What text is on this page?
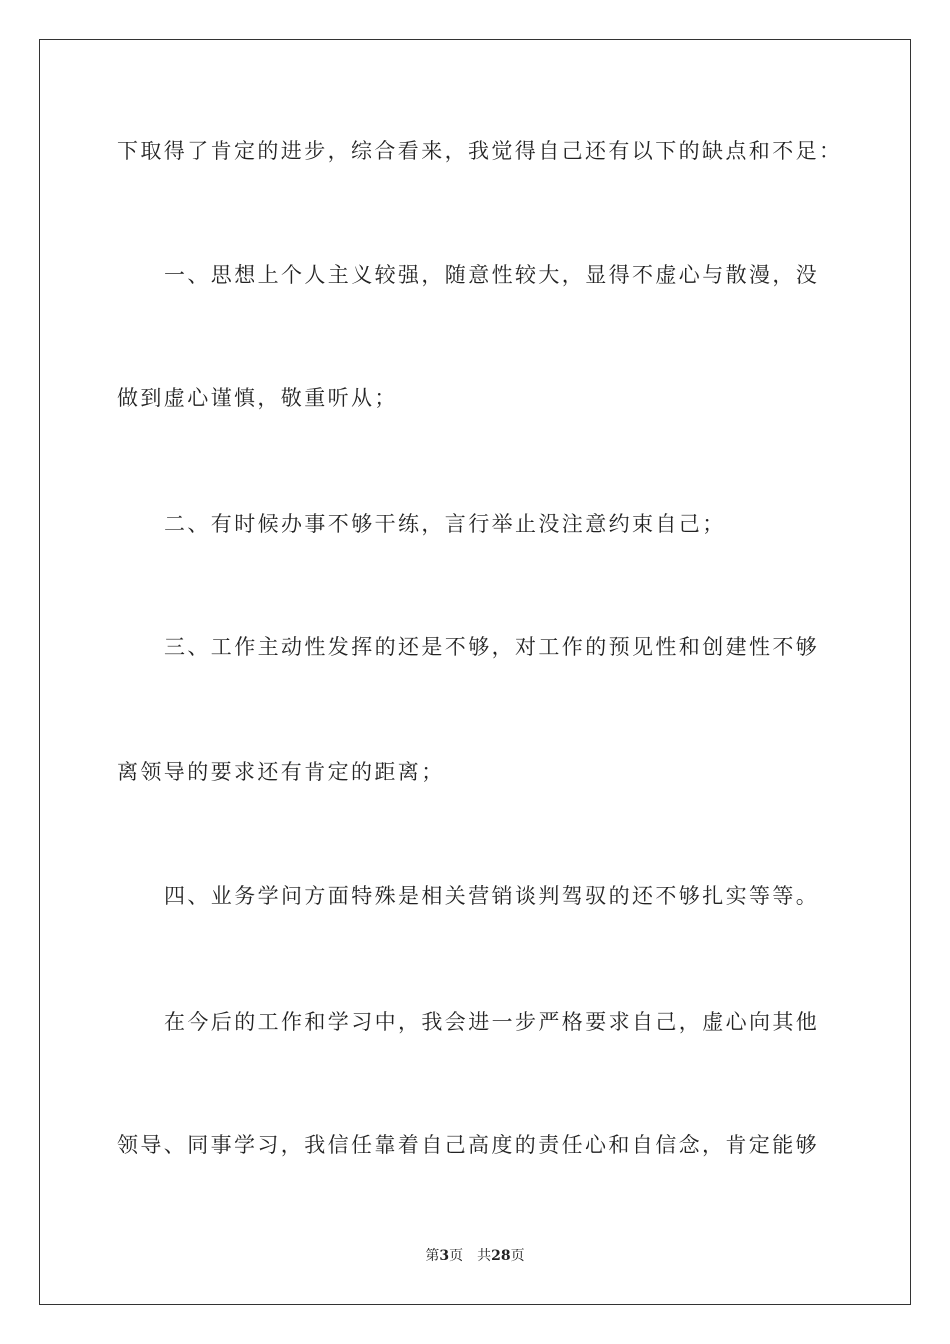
下取得了肯定的进步，综合看来，我觉得自己还有以下的缺点和不足：
一、思想上个人主义较强，随意性较大，显得不虚心与散漫，没
做到虚心谨慎，敬重听从；
二、有时候办事不够干练，言行举止没注意约束自己；
三、工作主动性发挥的还是不够，对工作的预见性和创建性不够
离领导的要求还有肯定的距离；
四、业务学问方面特殊是相关营销谈判驾驭的还不够扎实等等。
在今后的工作和学习中，我会进一步严格要求自己，虚心向其他
领导、同事学习，我信任靠着自己高度的责任心和自信念，肯定能够
第3页 共28页
